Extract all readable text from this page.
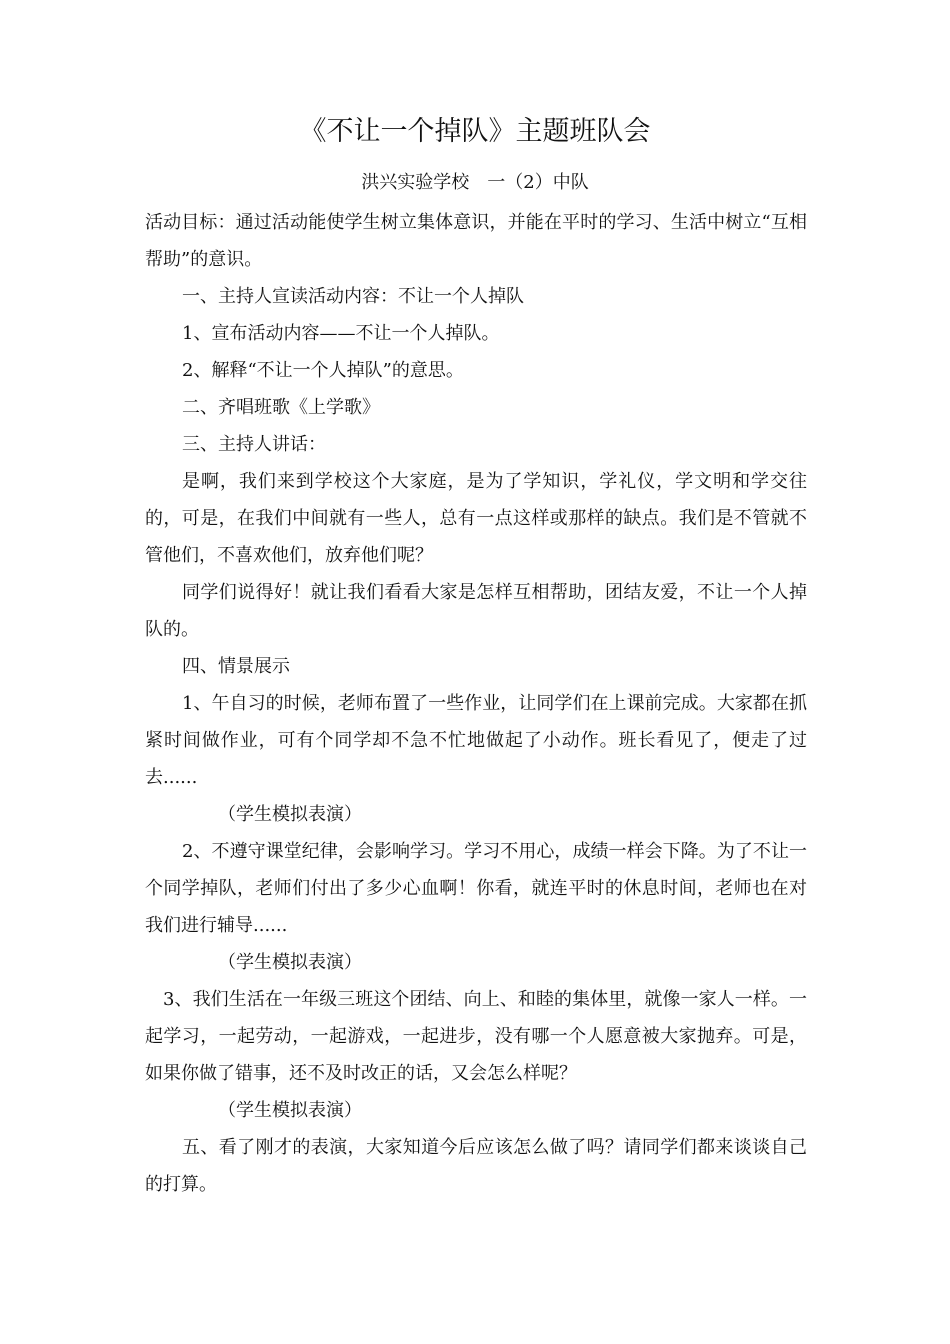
《不让一个掉队》主题班队会

洪兴实验学校　一（2）中队

活动目标：通过活动能使学生树立集体意识，并能在平时的学习、生活中树立“互相帮助”的意识。

一、主持人宣读活动内容：不让一个人掉队

1、宣布活动内容——不让一个人掉队。

2、解释“不让一个人掉队”的意思。

二、齐唱班歌《上学歌》

三、主持人讲话：

是啊，我们来到学校这个大家庭，是为了学知识，学礼仪，学文明和学交往的，可是，在我们中间就有一些人，总有一点这样或那样的缺点。我们是不管就不管他们，不喜欢他们，放弃他们呢？

同学们说得好！就让我们看看大家是怎样互相帮助，团结友爱，不让一个人掉队的。

四、情景展示

1、午自习的时候，老师布置了一些作业，让同学们在上课前完成。大家都在抓紧时间做作业，可有个同学却不急不忙地做起了小动作。班长看见了，便走了过去......

（学生模拟表演）

2、不遵守课堂纪律，会影响学习。学习不用心，成绩一样会下降。为了不让一个同学掉队，老师们付出了多少心血啊！你看，就连平时的休息时间，老师也在对我们进行辅导......

（学生模拟表演）

3、我们生活在一年级三班这个团结、向上、和睦的集体里，就像一家人一样。一起学习，一起劳动，一起游戏，一起进步，没有哪一个人愿意被大家抛弃。可是，如果你做了错事，还不及时改正的话，又会怎么样呢？

（学生模拟表演）

五、看了刚才的表演，大家知道今后应该怎么做了吗？请同学们都来谈谈自己的打算。
